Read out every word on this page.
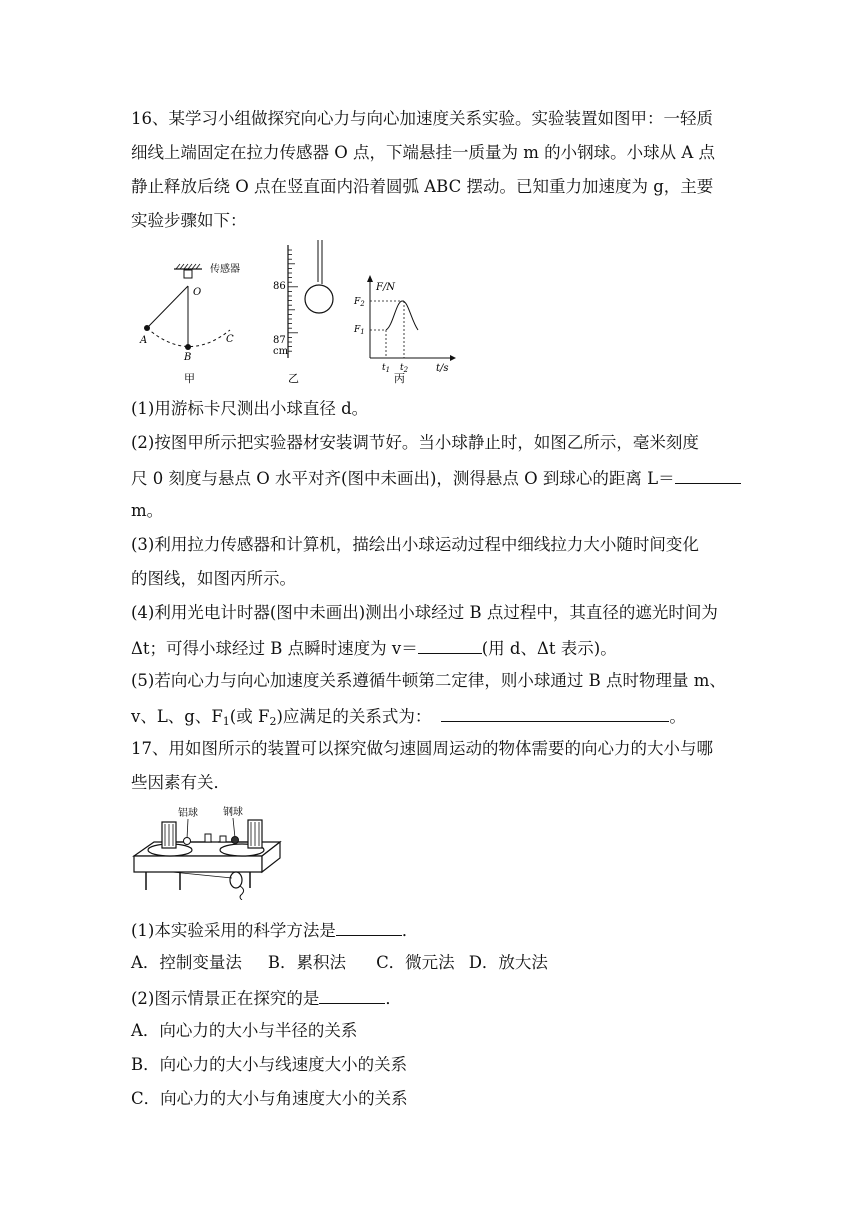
16、某学习小组做探究向心力与向心加速度关系实验。实验装置如图甲：一轻质
细线上端固定在拉力传感器 O 点，下端悬挂一质量为 m 的小钢球。小球从 A 点
静止释放后绕 O 点在竖直面内沿着圆弧 ABC 摆动。已知重力加速度为 g，主要
实验步骤如下：
传感器
O
A
B
C
甲
86
87
cm
乙
F/N
$F_2$
$F_1$
$t_1$ $t_2$	t/s
丙
(1)用游标卡尺测出小球直径 d。
(2)按图甲所示把实验器材安装调节好。当小球静止时，如图乙所示，毫米刻度
尺 0 刻度与悬点 O 水平对齐(图中未画出)，测得悬点 O 到球心的距离 L＝
m。
(3)利用拉力传感器和计算机，描绘出小球运动过程中细线拉力大小随时间变化
的图线，如图丙所示。
(4)利用光电计时器(图中未画出)测出小球经过 B 点过程中，其直径的遮光时间为
Δt；可得小球经过 B 点瞬时速度为 v＝	(用 d、Δt 表示)。
(5)若向心力与向心加速度关系遵循牛顿第二定律，则小球通过 B 点时物理量 m、
v、L、g、$F_1$(或 $F_2$)应满足的关系式为：	。
17、用如图所示的装置可以探究做匀速圆周运动的物体需要的向心力的大小与哪
些因素有关．
铝球	钢球
(1)本实验采用的科学方法是	．
A．控制变量法 B．累积法 C．微元法 D．放大法
(2)图示情景正在探究的是	．
A．向心力的大小与半径的关系
B．向心力的大小与线速度大小的关系
C．向心力的大小与角速度大小的关系
